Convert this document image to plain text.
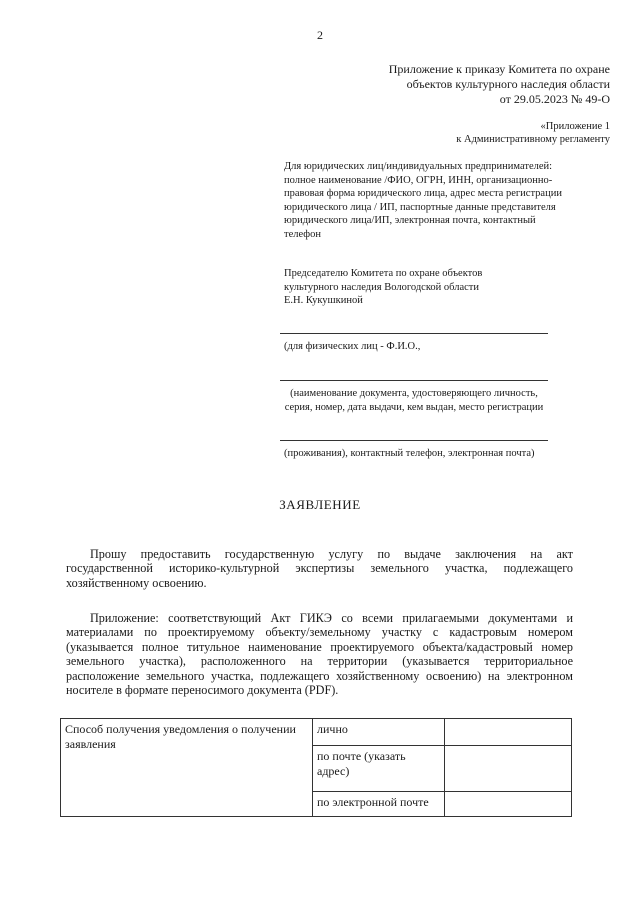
2
Приложение к приказу Комитета по охране
объектов культурного наследия области
от 29.05.2023 № 49-О
«Приложение 1
к Административному регламенту
Для юридических лиц/индивидуальных предпринимателей: полное наименование /ФИО, ОГРН, ИНН, организационно-правовая форма юридического лица, адрес места регистрации юридического лица / ИП, паспортные данные представителя юридического лица/ИП, электронная почта, контактный телефон
Председателю Комитета по охране объектов
культурного наследия Вологодской области
Е.Н. Кукушкиной
(для физических лиц - Ф.И.О.,
(наименование документа, удостоверяющего личность, серия, номер, дата выдачи, кем выдан, место регистрации
(проживания), контактный телефон, электронная почта)
ЗАЯВЛЕНИЕ
Прошу предоставить государственную услугу по выдаче заключения на акт государственной историко-культурной экспертизы земельного участка, подлежащего хозяйственному освоению.
Приложение: соответствующий Акт ГИКЭ со всеми прилагаемыми документами и материалами по проектируемому объекту/земельному участку с кадастровым номером (указывается полное титульное наименование проектируемого объекта/кадастровый номер земельного участка), расположенного на территории (указывается территориальное расположение земельного участка, подлежащего хозяйственному освоению) на электронном носителе в формате переносимого документа (PDF).
Способ получения уведомления о получении заявления	лично	
	по почте (указать адрес)	
	по электронной почте	
